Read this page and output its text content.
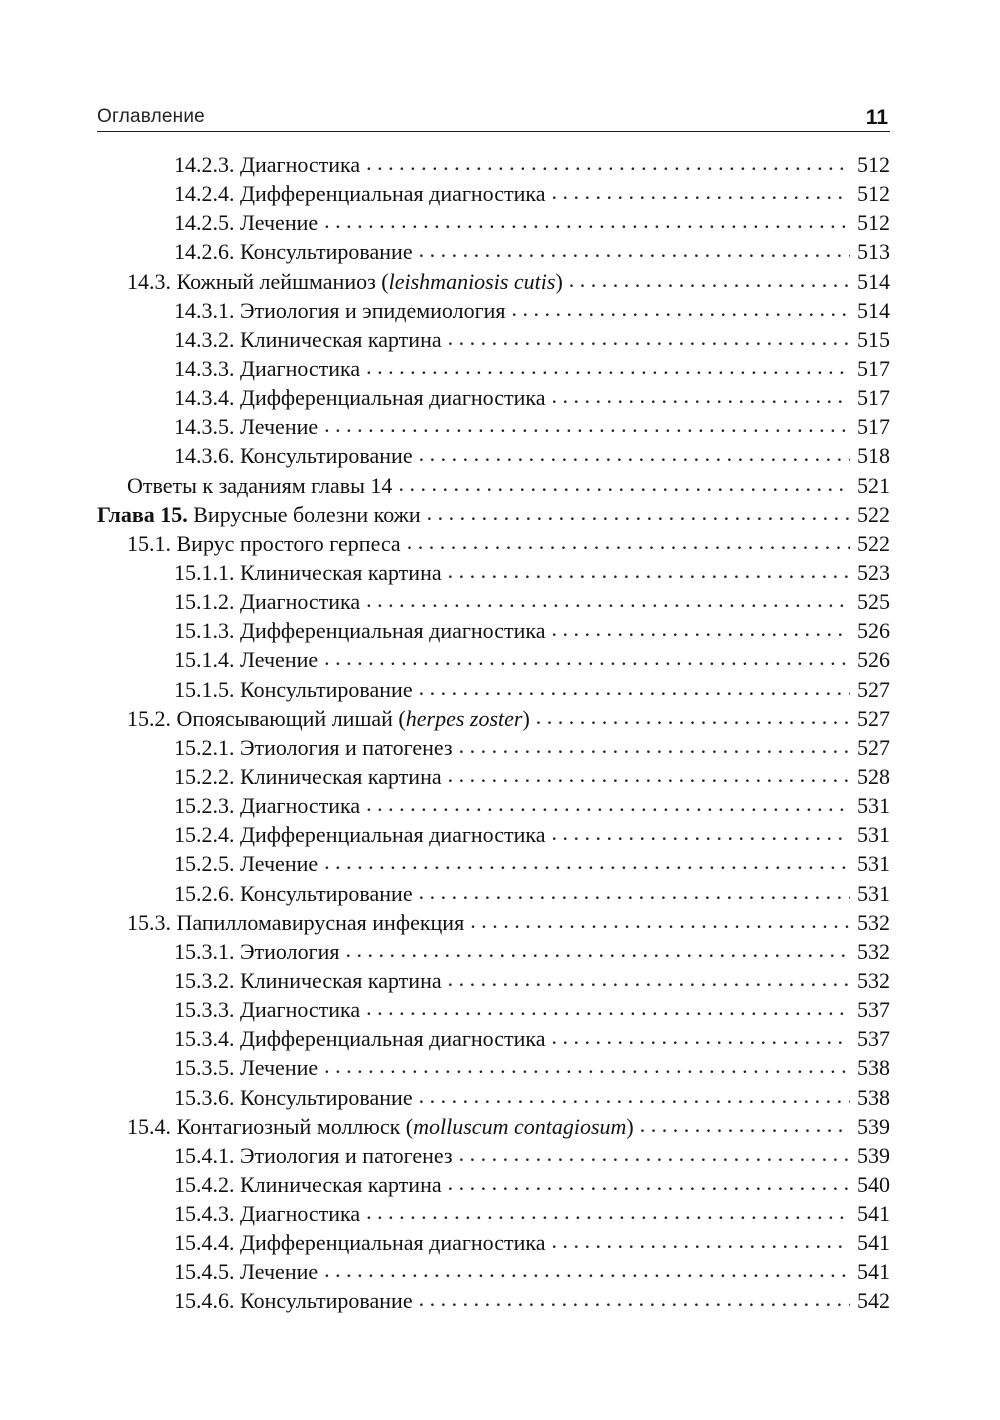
Оглавление	11
14.2.3. Диагностика . . .	512
14.2.4. Дифференциальная диагностика . . .	512
14.2.5. Лечение . . .	512
14.2.6. Консультирование . . .	513
14.3. Кожный лейшманиоз (leishmaniosis cutis) . . .	514
14.3.1. Этиология и эпидемиология . . .	514
14.3.2. Клиническая картина . . .	515
14.3.3. Диагностика . . .	517
14.3.4. Дифференциальная диагностика . . .	517
14.3.5. Лечение . . .	517
14.3.6. Консультирование . . .	518
Ответы к заданиям главы 14 . . .	521
Глава 15. Вирусные болезни кожи . . .	522
15.1. Вирус простого герпеса . . .	522
15.1.1. Клиническая картина . . .	523
15.1.2. Диагностика . . .	525
15.1.3. Дифференциальная диагностика . . .	526
15.1.4. Лечение . . .	526
15.1.5. Консультирование . . .	527
15.2. Опоясывающий лишай (herpes zoster) . . .	527
15.2.1. Этиология и патогенез . . .	527
15.2.2. Клиническая картина . . .	528
15.2.3. Диагностика . . .	531
15.2.4. Дифференциальная диагностика . . .	531
15.2.5. Лечение . . .	531
15.2.6. Консультирование . . .	531
15.3. Папилломавирусная инфекция . . .	532
15.3.1. Этиология . . .	532
15.3.2. Клиническая картина . . .	532
15.3.3. Диагностика . . .	537
15.3.4. Дифференциальная диагностика . . .	537
15.3.5. Лечение . . .	538
15.3.6. Консультирование . . .	538
15.4. Контагиозный моллюск (molluscum contagiosum) . . .	539
15.4.1. Этиология и патогенез . . .	539
15.4.2. Клиническая картина . . .	540
15.4.3. Диагностика . . .	541
15.4.4. Дифференциальная диагностика . . .	541
15.4.5. Лечение . . .	541
15.4.6. Консультирование . . .	542
